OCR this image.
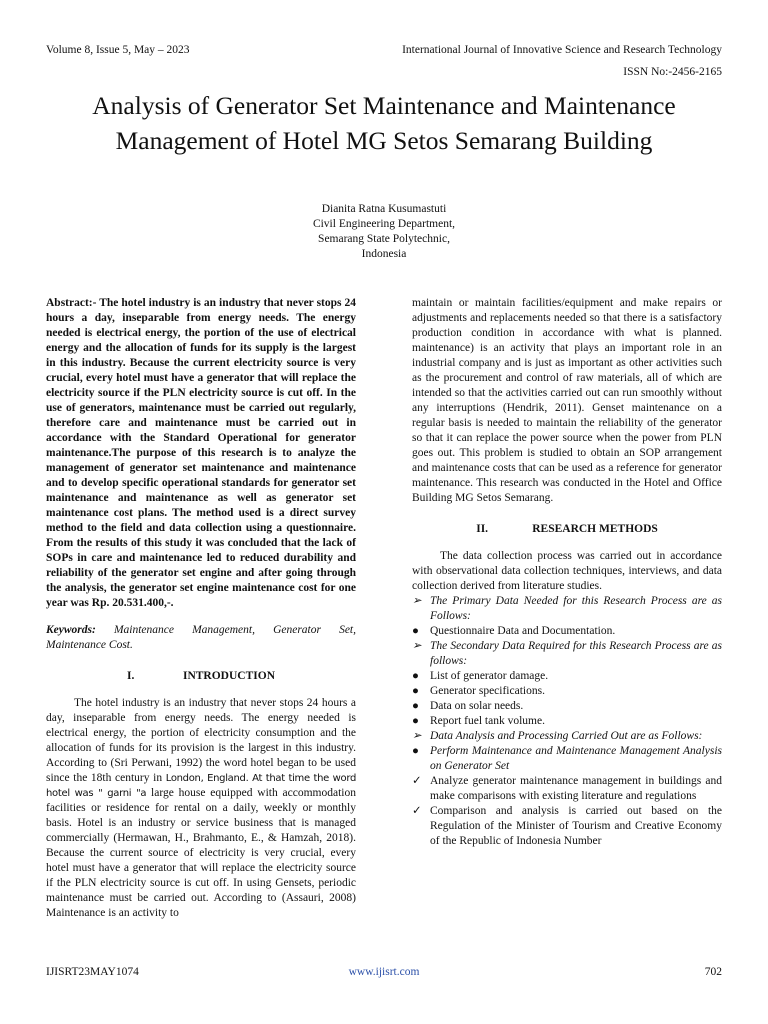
Volume 8, Issue 5, May – 2023	International Journal of Innovative Science and Research Technology
ISSN No:-2456-2165
Analysis of Generator Set Maintenance and Maintenance Management of Hotel MG Setos Semarang Building
Dianita Ratna Kusumastuti
Civil Engineering Department,
Semarang State Polytechnic,
Indonesia

Abstract:- The hotel industry is an industry that never stops 24 hours a day, inseparable from energy needs. The energy needed is electrical energy, the portion of the use of electrical energy and the allocation of funds for its supply is the largest in this industry. Because the current electricity source is very crucial, every hotel must have a generator that will replace the electricity source if the PLN electricity source is cut off. In the use of generators, maintenance must be carried out regularly, therefore care and maintenance must be carried out in accordance with the Standard Operational for generator maintenance.The purpose of this research is to analyze the management of generator set maintenance and maintenance and to develop specific operational standards for generator set maintenance and maintenance as well as generator set maintenance cost plans. The method used is a direct survey method to the field and data collection using a questionnaire. From the results of this study it was concluded that the lack of SOPs in care and maintenance led to reduced durability and reliability of the generator set engine and after going through the analysis, the generator set engine maintenance cost for one year was Rp. 20.531.400,-.

Keywords: Maintenance Management, Generator Set, Maintenance Cost.

I.	INTRODUCTION

The hotel industry is an industry that never stops 24 hours a day, inseparable from energy needs. The energy needed is electrical energy, the portion of electricity consumption and the allocation of funds for its provision is the largest in this industry. According to (Sri Perwani, 1992) the word hotel began to be used since the 18th century in London, England. At that time the word hotel was " garni "a large house equipped with accommodation facilities or residence for rental on a daily, weekly or monthly basis. Hotel is an industry or service business that is managed commercially (Hermawan, H., Brahmanto, E., & Hamzah, 2018). Because the current source of electricity is very crucial, every hotel must have a generator that will replace the electricity source if the PLN electricity source is cut off. In using Gensets, periodic maintenance must be carried out. According to (Assauri, 2008) Maintenance is an activity to

maintain or maintain facilities/equipment and make repairs or adjustments and replacements needed so that there is a satisfactory production condition in accordance with what is planned. maintenance) is an activity that plays an important role in an industrial company and is just as important as other activities such as the procurement and control of raw materials, all of which are intended so that the activities carried out can run smoothly without any interruptions (Hendrik, 2011). Genset maintenance on a regular basis is needed to maintain the reliability of the generator so that it can replace the power source when the power from PLN goes out. This problem is studied to obtain an SOP arrangement and maintenance costs that can be used as a reference for generator maintenance. This research was conducted in the Hotel and Office Building MG Setos Semarang.

II.	RESEARCH METHODS

The data collection process was carried out in accordance with observational data collection techniques, interviews, and data collection derived from literature studies.

➢ The Primary Data Needed for this Research Process are as Follows:
● Questionnaire Data and Documentation.
➢ The Secondary Data Required for this Research Process are as follows:
● List of generator damage.
● Generator specifications.
● Data on solar needs.
● Report fuel tank volume.
➢ Data Analysis and Processing Carried Out are as Follows:
● Perform Maintenance and Maintenance Management Analysis on Generator Set
✓ Analyze generator maintenance management in buildings and make comparisons with existing literature and regulations
✓ Comparison and analysis is carried out based on the Regulation of the Minister of Tourism and Creative Economy of the Republic of Indonesia Number
IJISRT23MAY1074	www.ijisrt.com	702
